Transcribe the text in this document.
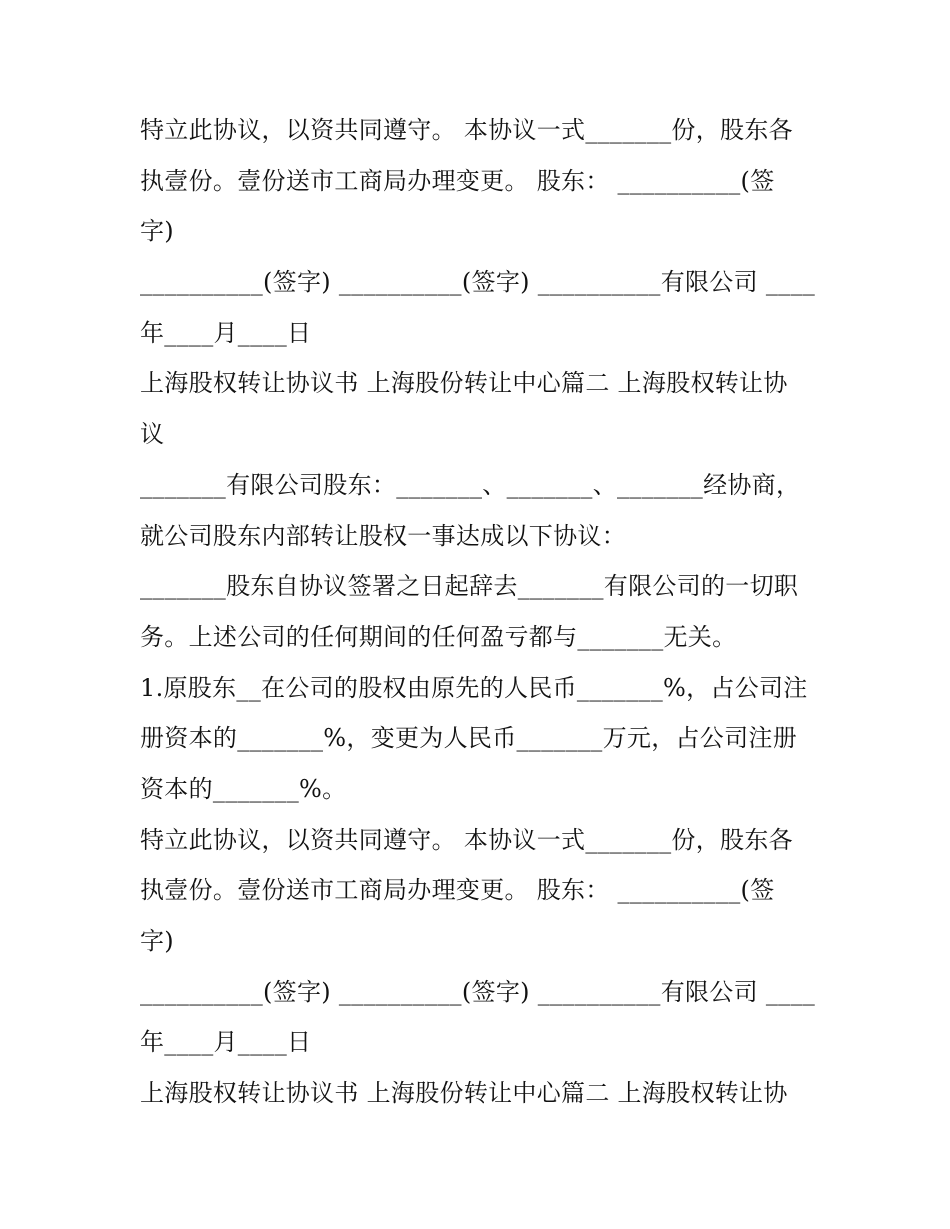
特立此协议，以资共同遵守。 本协议一式_______份，股东各
执壹份。壹份送市工商局办理变更。 股东： __________(签
字)
__________(签字) __________(签字) __________有限公司 ____
年____月____日
上海股权转让协议书 上海股份转让中心篇二 上海股权转让协
议
_______有限公司股东：_______、_______、_______经协商，
就公司股东内部转让股权一事达成以下协议：
_______股东自协议签署之日起辞去_______有限公司的一切职
务。上述公司的任何期间的任何盈亏都与_______无关。
1.原股东__在公司的股权由原先的人民币_______%，占公司注
册资本的_______%，变更为人民币_______万元，占公司注册
资本的_______%。
特立此协议，以资共同遵守。 本协议一式_______份，股东各
执壹份。壹份送市工商局办理变更。 股东： __________(签
字)
__________(签字) __________(签字) __________有限公司 ____
年____月____日
上海股权转让协议书 上海股份转让中心篇二 上海股权转让协
